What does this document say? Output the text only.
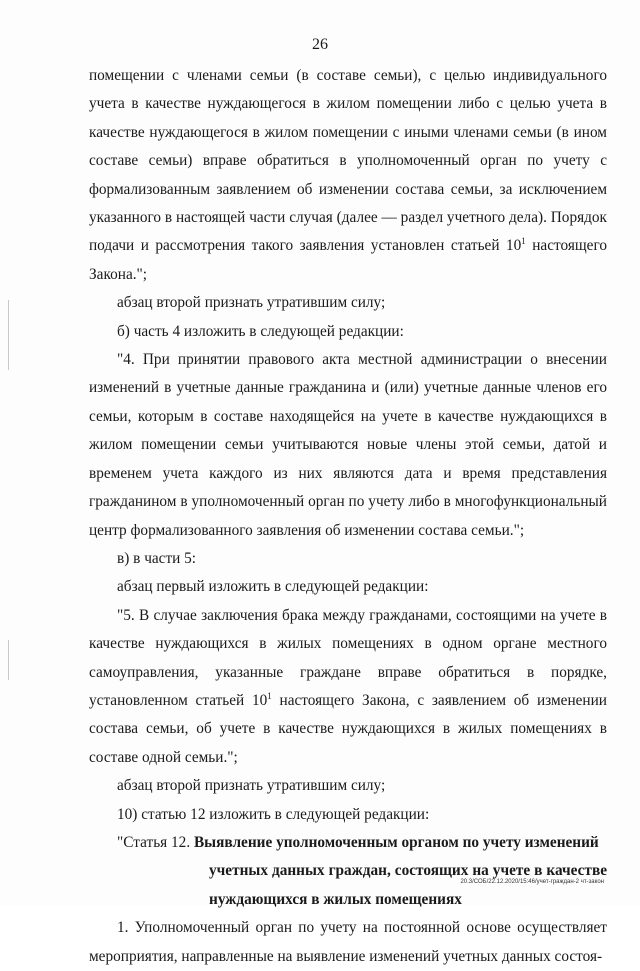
26

помещении с членами семьи (в составе семьи), с целью индивидуального учета в качестве нуждающегося в жилом помещении либо с целью учета в качестве нуждающегося в жилом помещении с иными членами семьи (в ином составе семьи) вправе обратиться в уполномоченный орган по учету с формализованным заявлением об изменении состава семьи, за исключением указанного в настоящей части случая (далее — раздел учетного дела). Порядок подачи и рассмотрения такого заявления установлен статьей $10^1$ настоящего Закона.";

абзац второй признать утратившим силу;

б) часть 4 изложить в следующей редакции:

"4. При принятии правового акта местной администрации о внесении изменений в учетные данные гражданина и (или) учетные данные членов его семьи, которым в составе находящейся на учете в качестве нуждающихся в жилом помещении семьи учитываются новые члены этой семьи, датой и временем учета каждого из них являются дата и время представления гражданином в уполномоченный орган по учету либо в многофункциональный центр формализованного заявления об изменении состава семьи.";

в) в части 5:

абзац первый изложить в следующей редакции:

"5. В случае заключения брака между гражданами, состоящими на учете в качестве нуждающихся в жилых помещениях в одном органе местного самоуправления, указанные граждане вправе обратиться в порядке, установленном статьей $10^1$ настоящего Закона, с заявлением об изменении состава семьи, об учете в качестве нуждающихся в жилых помещениях в составе одной семьи.";

абзац второй признать утратившим силу;

10) статью 12 изложить в следующей редакции:

"Статья 12. Выявление уполномоченным органом по учету изменений

учетных данных граждан, состоящих на учете в качестве нуждающихся в жилых помещениях

1. Уполномоченный орган по учету на постоянной основе осуществляет мероприятия, направленные на выявление изменений учетных данных состоя-

20.3/СОБ/22.12.2020/15:46/учет-граждан-2 чт-закон
